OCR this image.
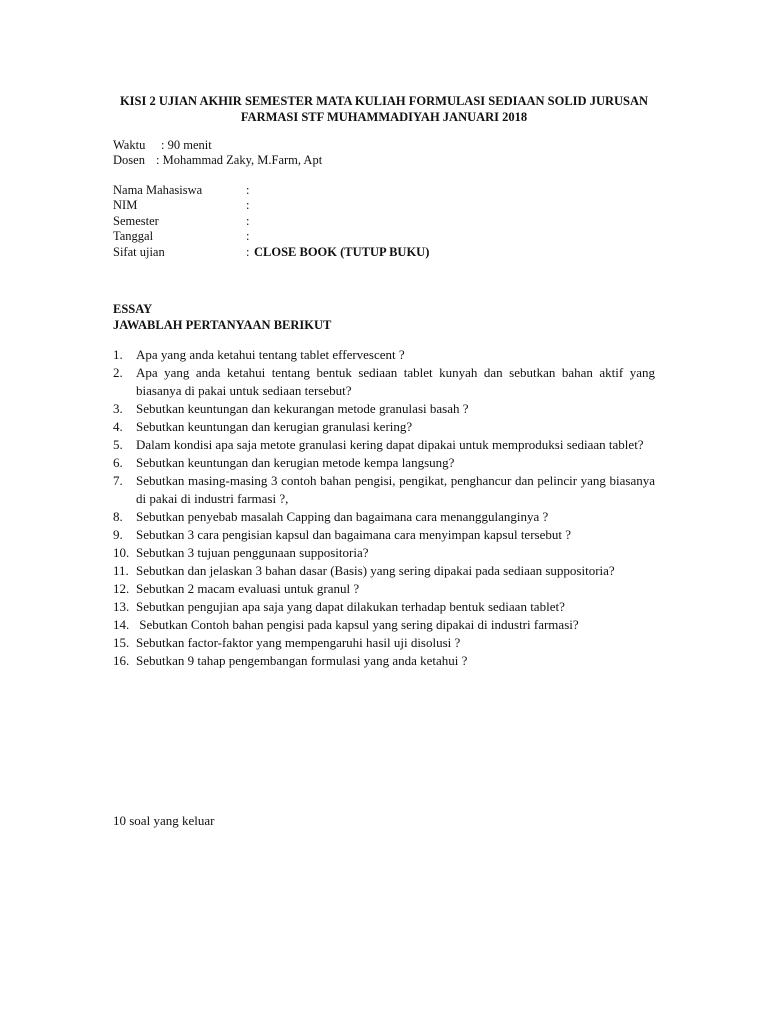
KISI 2 UJIAN AKHIR SEMESTER MATA KULIAH FORMULASI SEDIAAN SOLID JURUSAN
FARMASI STF MUHAMMADIYAH JANUARI 2018
Waktu	: 90 menit
Dosen : Mohammad Zaky, M.Farm, Apt
Nama Mahasiswa	:
NIM	:
Semester	:
Tanggal	:
Sifat ujian	: CLOSE BOOK (TUTUP BUKU)
ESSAY
JAWABLAH PERTANYAAN BERIKUT
1.	Apa yang anda ketahui tentang tablet effervescent ?
2.	Apa yang anda ketahui tentang bentuk sediaan tablet kunyah dan sebutkan bahan aktif yang biasanya di pakai untuk sediaan tersebut?
3.	Sebutkan keuntungan dan kekurangan metode granulasi basah ?
4.	Sebutkan keuntungan dan kerugian granulasi kering?
5.	Dalam kondisi apa saja metote granulasi kering dapat dipakai untuk memproduksi sediaan tablet?
6.	Sebutkan keuntungan dan kerugian metode kempa langsung?
7.	Sebutkan masing-masing 3 contoh bahan pengisi, pengikat, penghancur dan pelincir yang biasanya di pakai di industri farmasi ?,
8.	Sebutkan penyebab masalah Capping dan bagaimana cara menanggulanginya ?
9.	Sebutkan 3 cara pengisian kapsul dan bagaimana cara menyimpan kapsul tersebut ?
10. Sebutkan 3 tujuan penggunaan suppositoria?
11. Sebutkan dan jelaskan 3 bahan dasar (Basis) yang sering dipakai pada sediaan suppositoria?
12. Sebutkan 2 macam evaluasi untuk granul ?
13. Sebutkan pengujian apa saja yang dapat dilakukan terhadap bentuk sediaan tablet?
14. Sebutkan Contoh bahan pengisi pada kapsul yang sering dipakai di industri farmasi?
15. Sebutkan factor-faktor yang mempengaruhi hasil uji disolusi ?
16. Sebutkan 9 tahap pengembangan formulasi yang anda ketahui ?
10 soal yang keluar
